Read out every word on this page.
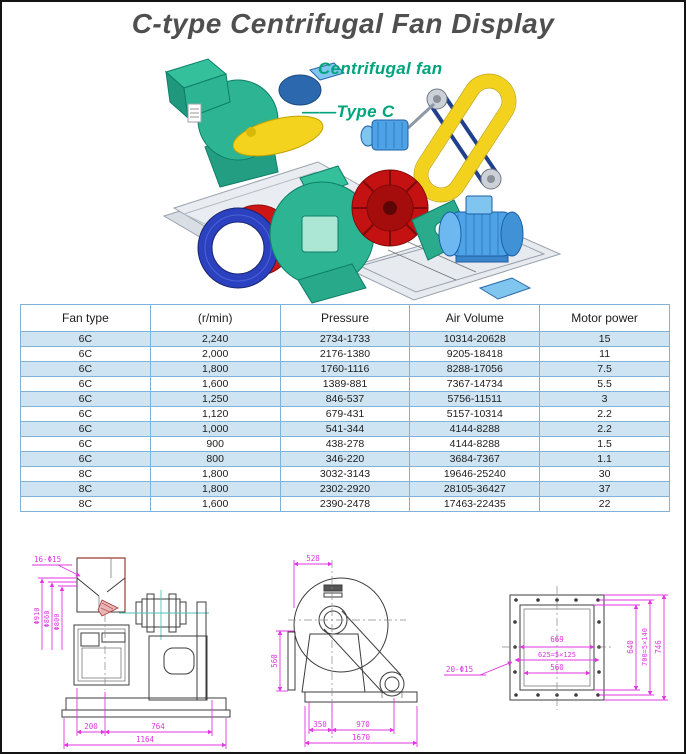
C-type Centrifugal Fan Display
Centrifugal fan
——Type C
Fan type	(r/min)	Pressure	Air Volume	Motor power
6C	2,240	2734-1733	10314-20628	15
6C	2,000	2176-1380	9205-18418	11
6C	1,800	1760-1116	8288-17056	7.5
6C	1,600	1389-881	7367-14734	5.5
6C	1,250	846-537	5756-11511	3
6C	1,120	679-431	5157-10314	2.2
6C	1,000	541-344	4144-8288	2.2
6C	900	438-278	4144-8288	1.5
6C	800	346-220	3684-7367	1.1
8C	1,800	3032-3143	19646-25240	30
8C	1,800	2302-2920	28105-36427	37
8C	1,600	2390-2478	17463-22435	22
16-Φ15
Φ910 Φ860 Φ800
200	764
1164
528
560
350	970
1670
669
625=5×125
560
640 700=5×140 746
20-Φ15
